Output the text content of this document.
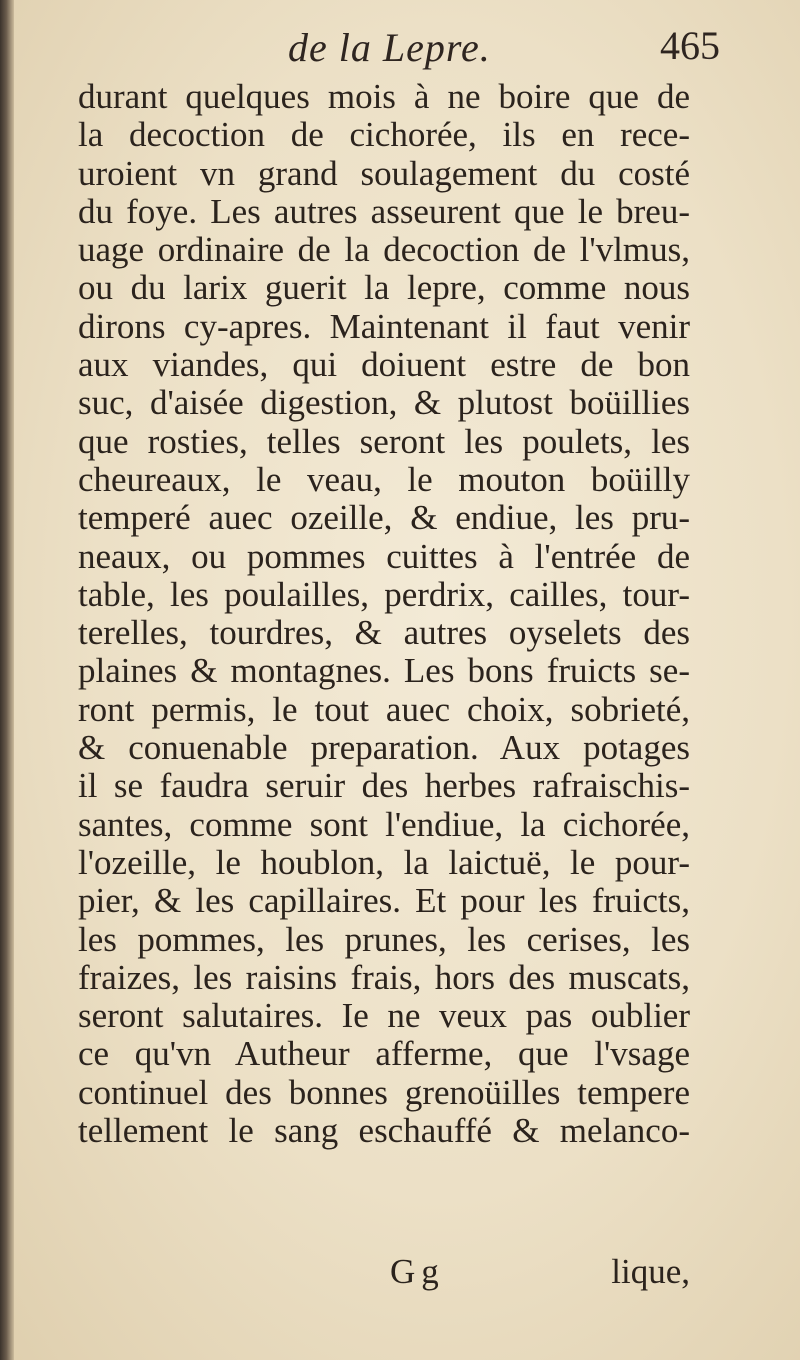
de la Lepre.	465
durant quelques mois à ne boire que de
la decoction de cichorée, ils en rece-
uroient vn grand soulagement du costé
du foye. Les autres asseurent que le breu-
uage ordinaire de la decoction de l'vlmus,
ou du larix guerit la lepre, comme nous
dirons cy-apres. Maintenant il faut venir
aux viandes, qui doiuent estre de bon
suc, d'aisée digestion, & plutost boüillies
que rosties, telles seront les poulets, les
cheureaux, le veau, le mouton boüilly
temperé auec ozeille, & endiue, les pru-
neaux, ou pommes cuittes à l'entrée de
table, les poulailles, perdrix, cailles, tour-
terelles, tourdres, & autres oyselets des
plaines & montagnes. Les bons fruicts se-
ront permis, le tout auec choix, sobrieté,
& conuenable preparation. Aux potages
il se faudra seruir des herbes rafraischis-
santes, comme sont l'endiue, la cichorée,
l'ozeille, le houblon, la laictuë, le pour-
pier, & les capillaires. Et pour les fruicts,
les pommes, les prunes, les cerises, les
fraizes, les raisins frais, hors des muscats,
seront salutaires. Ie ne veux pas oublier
ce qu'vn Autheur afferme, que l'vsage
continuel des bonnes grenoüilles tempere
tellement le sang eschauffé & melanco-
Gg	lique,
